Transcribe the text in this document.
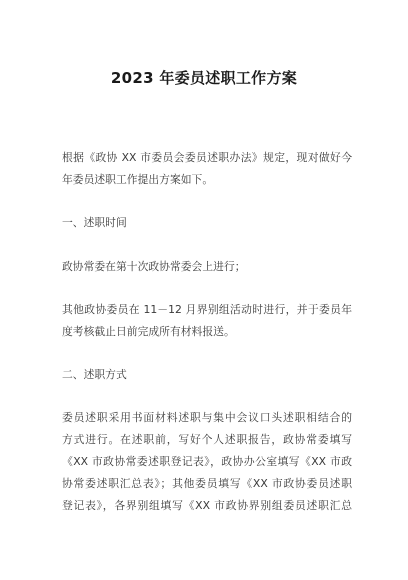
2023 年委员述职工作方案
根据《政协 XX 市委员会委员述职办法》规定，现对做好今
年委员述职工作提出方案如下。
一、述职时间
政协常委在第十次政协常委会上进行；
其他政协委员在 11－12 月界别组活动时进行，并于委员年
度考核截止日前完成所有材料报送。
二、述职方式
委员述职采用书面材料述职与集中会议口头述职相结合的
方式进行。在述职前，写好个人述职报告，政协常委填写
《XX 市政协常委述职登记表》，政协办公室填写《XX 市政
协常委述职汇总表》；其他委员填写《XX 市政协委员述职
登记表》，各界别组填写《XX 市政协界别组委员述职汇总
